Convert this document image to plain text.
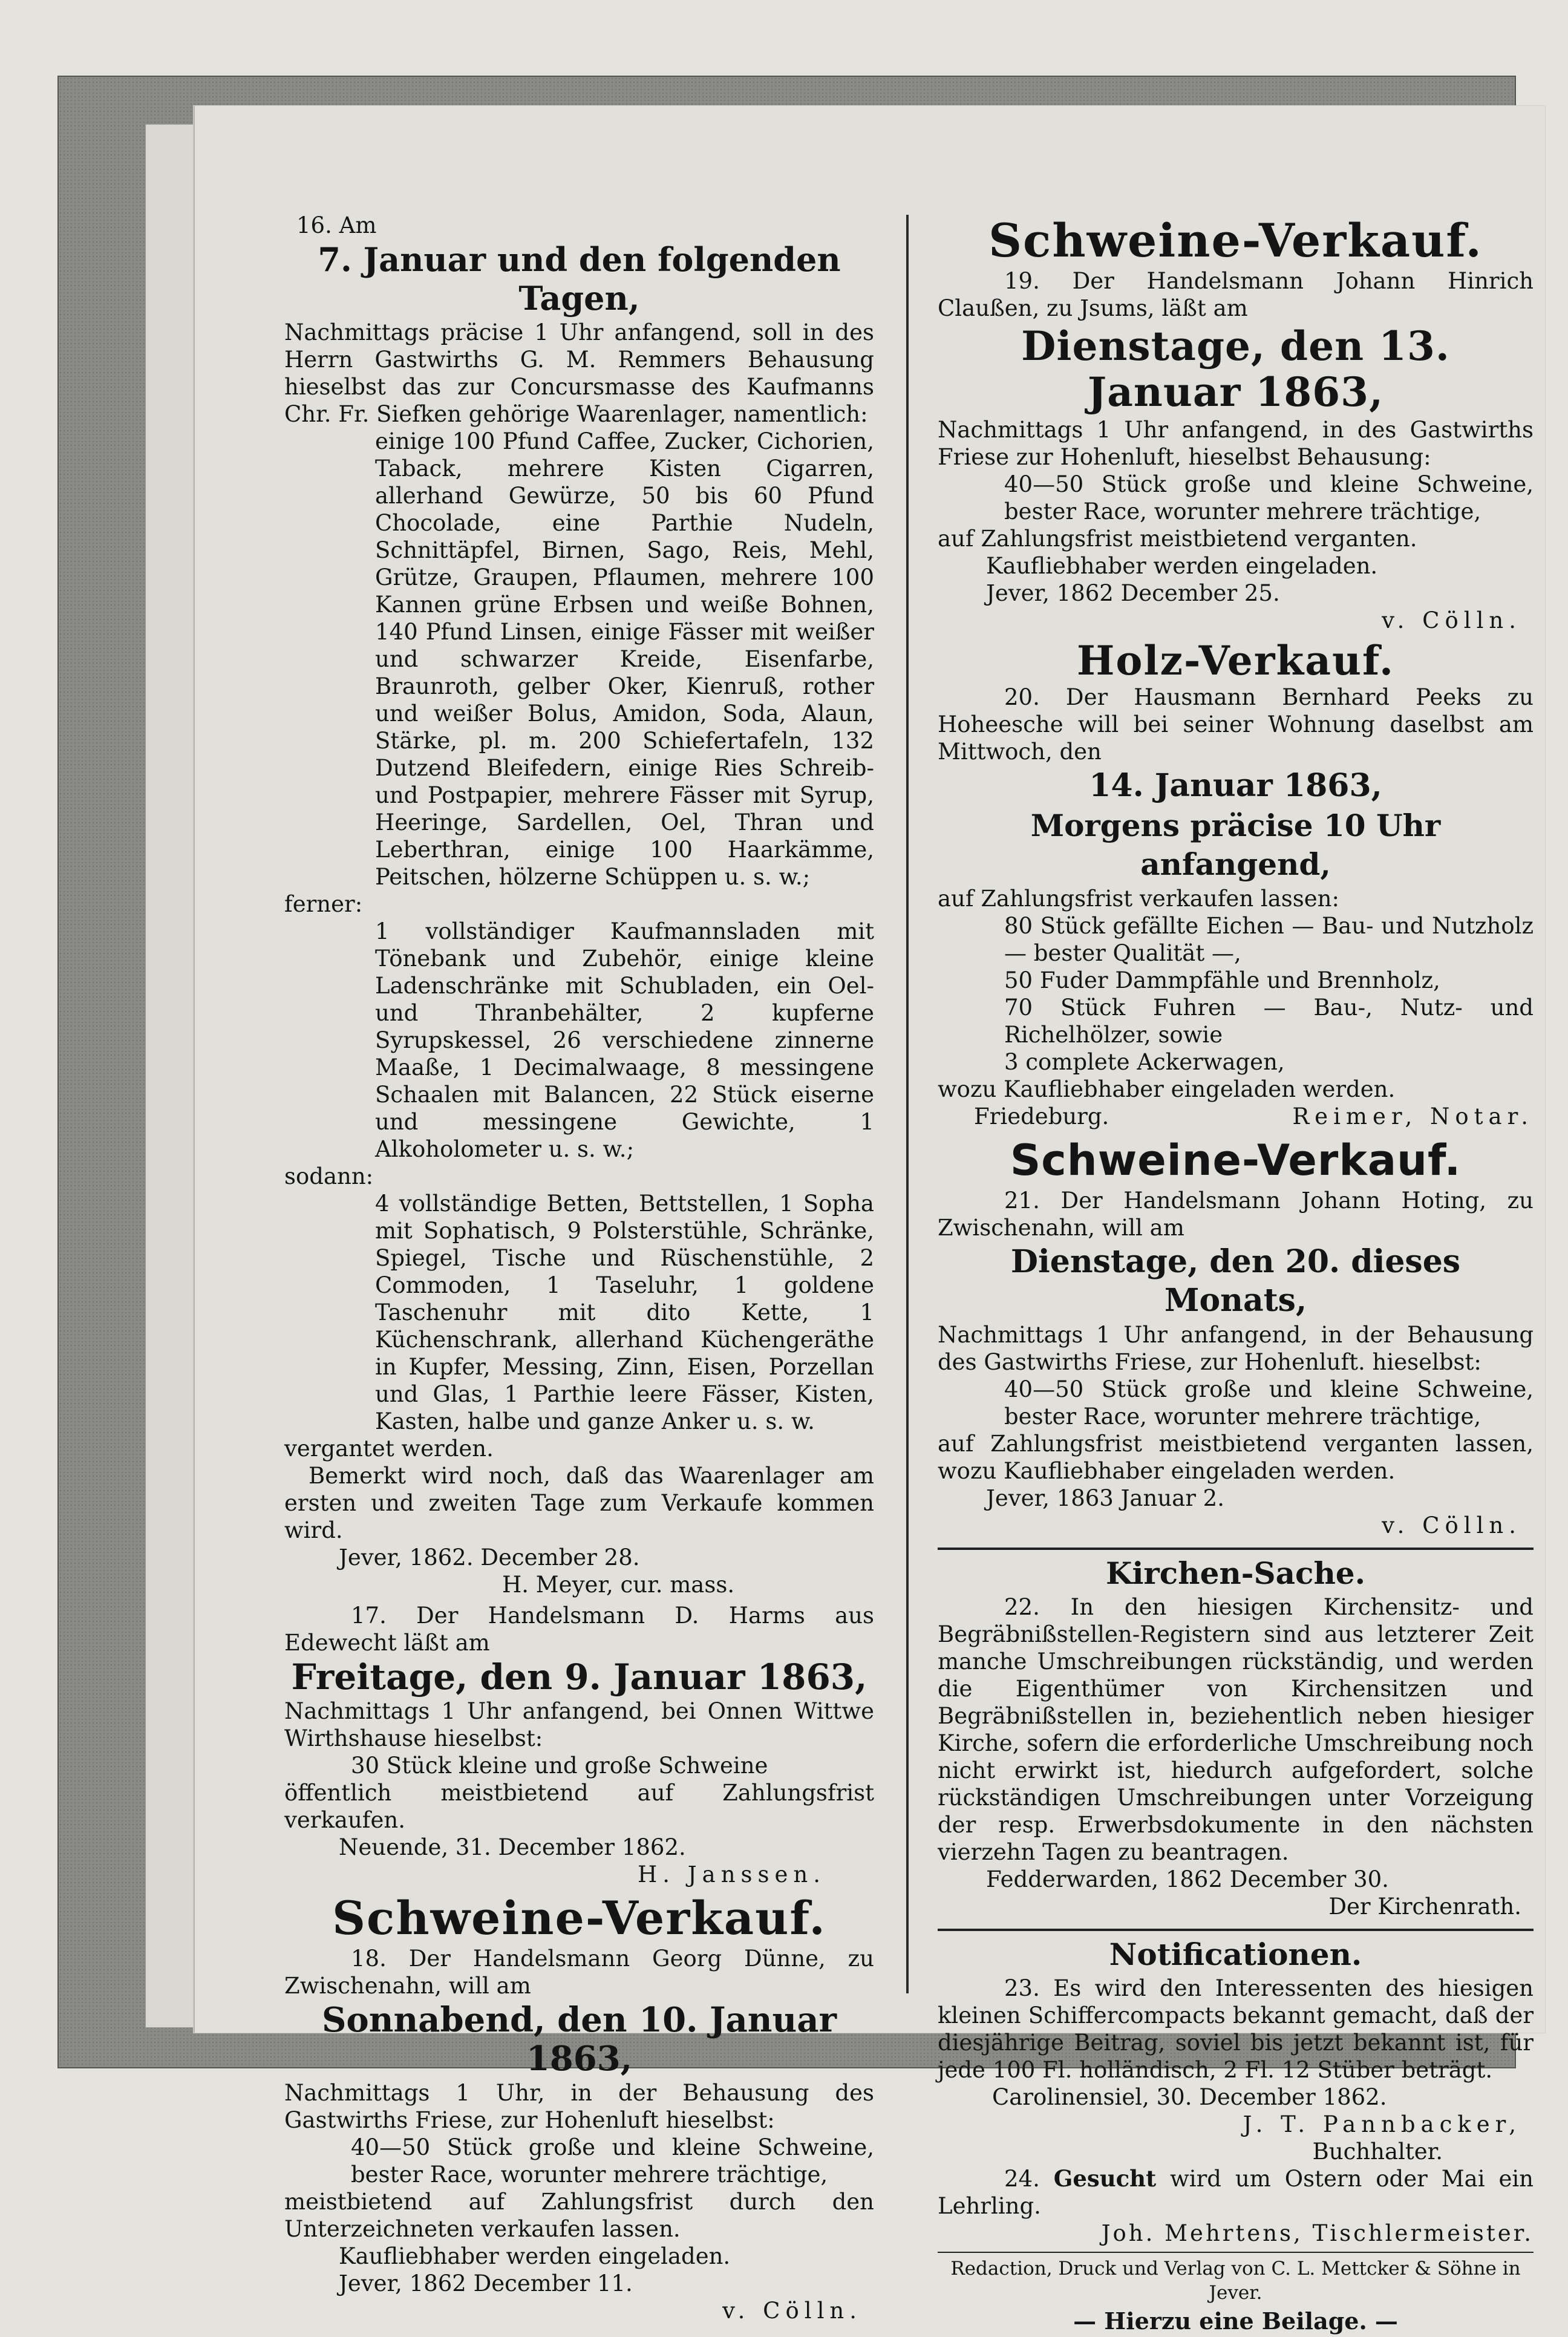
16. Am

7. Januar und den folgenden Tagen,

Nachmittags präcise 1 Uhr anfangend, soll in des Herrn Gastwirths G. M. Remmers Behausung hieselbst das zur Concursmasse des Kaufmanns Chr. Fr. Siefken gehörige Waarenlager, namentlich:

einige 100 Pfund Caffee, Zucker, Cichorien, Taback, mehrere Kisten Cigarren, allerhand Gewürze, 50 bis 60 Pfund Chocolade, eine Parthie Nudeln, Schnittäpfel, Birnen, Sago, Reis, Mehl, Grütze, Graupen, Pflaumen, mehrere 100 Kannen grüne Erbsen und weiße Bohnen, 140 Pfund Linsen, einige Fässer mit weißer und schwarzer Kreide, Eisenfarbe, Braunroth, gelber Oker, Kienruß, rother und weißer Bolus, Amidon, Soda, Alaun, Stärke, pl. m. 200 Schiefertafeln, 132 Dutzend Bleifedern, einige Ries Schreib- und Postpapier, mehrere Fässer mit Syrup, Heeringe, Sardellen, Oel, Thran und Leberthran, einige 100 Haarkämme, Peitschen, hölzerne Schüppen u. s. w.;

ferner:

1 vollständiger Kaufmannsladen mit Tönebank und Zubehör, einige kleine Ladenschränke mit Schubladen, ein Oel- und Thranbehälter, 2 kupferne Syrupskessel, 26 verschiedene zinnerne Maaße, 1 Decimalwaage, 8 messingene Schaalen mit Balancen, 22 Stück eiserne und messingene Gewichte, 1 Alkoholometer u. s. w.;

sodann:

4 vollständige Betten, Bettstellen, 1 Sopha mit Sophatisch, 9 Polsterstühle, Schränke, Spiegel, Tische und Rüschenstühle, 2 Commoden, 1 Taseluhr, 1 goldene Taschenuhr mit dito Kette, 1 Küchenschrank, allerhand Küchengeräthe in Kupfer, Messing, Zinn, Eisen, Porzellan und Glas, 1 Parthie leere Fässer, Kisten, Kasten, halbe und ganze Anker u. s. w.

vergantet werden.

Bemerkt wird noch, daß das Waarenlager am ersten und zweiten Tage zum Verkaufe kommen wird.

Jever, 1862. December 28.

H. Meyer, cur. mass.

17. Der Handelsmann D. Harms aus Edewecht läßt am

Freitage, den 9. Januar 1863,

Nachmittags 1 Uhr anfangend, bei Onnen Wittwe Wirthshause hieselbst:

30 Stück kleine und große Schweine

öffentlich meistbietend auf Zahlungsfrist verkaufen.

Neuende, 31. December 1862.

H. Janssen.

Schweine-Verkauf.

18. Der Handelsmann Georg Dünne, zu Zwischenahn, will am

Sonnabend, den 10. Januar 1863,

Nachmittags 1 Uhr, in der Behausung des Gastwirths Friese, zur Hohenluft hieselbst:

40—50 Stück große und kleine Schweine, bester Race, worunter mehrere trächtige,

meistbietend auf Zahlungsfrist durch den Unterzeichneten verkaufen lassen.

Kaufliebhaber werden eingeladen.

Jever, 1862 December 11.

v. Cölln.

Schweine-Verkauf.

19. Der Handelsmann Johann Hinrich Claußen, zu Jsums, läßt am

Dienstage, den 13. Januar 1863,

Nachmittags 1 Uhr anfangend, in des Gastwirths Friese zur Hohenluft, hieselbst Behausung:

40—50 Stück große und kleine Schweine, bester Race, worunter mehrere trächtige,

auf Zahlungsfrist meistbietend verganten.

Kaufliebhaber werden eingeladen.

Jever, 1862 December 25.

v. Cölln.

Holz-Verkauf.

20. Der Hausmann Bernhard Peeks zu Hoheesche will bei seiner Wohnung daselbst am Mittwoch, den

14. Januar 1863,

Morgens präcise 10 Uhr anfangend,

auf Zahlungsfrist verkaufen lassen:

80 Stück gefällte Eichen — Bau- und Nutzholz — bester Qualität —,

50 Fuder Dammpfähle und Brennholz,

70 Stück Fuhren — Bau-, Nutz- und Richelhölzer, sowie

3 complete Ackerwagen,

wozu Kaufliebhaber eingeladen werden.

Friedeburg.	Reimer, Notar.

Schweine-Verkauf.

21. Der Handelsmann Johann Hoting, zu Zwischenahn, will am

Dienstage, den 20. dieses Monats,

Nachmittags 1 Uhr anfangend, in der Behausung des Gastwirths Friese, zur Hohenluft. hieselbst:

40—50 Stück große und kleine Schweine, bester Race, worunter mehrere trächtige,

auf Zahlungsfrist meistbietend verganten lassen, wozu Kaufliebhaber eingeladen werden.

Jever, 1863 Januar 2.

v. Cölln.

Kirchen-Sache.

22. In den hiesigen Kirchensitz- und Begräbnißstellen-Registern sind aus letzterer Zeit manche Umschreibungen rückständig, und werden die Eigenthümer von Kirchensitzen und Begräbnißstellen in, beziehentlich neben hiesiger Kirche, sofern die erforderliche Umschreibung noch nicht erwirkt ist, hiedurch aufgefordert, solche rückständigen Umschreibungen unter Vorzeigung der resp. Erwerbsdokumente in den nächsten vierzehn Tagen zu beantragen.

Fedderwarden, 1862 December 30.

Der Kirchenrath.

Notificationen.

23. Es wird den Interessenten des hiesigen kleinen Schiffercompacts bekannt gemacht, daß der diesjährige Beitrag, soviel bis jetzt bekannt ist, für jede 100 Fl. holländisch, 2 Fl. 12 Stüber beträgt.

Carolinensiel, 30. December 1862.

J. T. Pannbacker,

Buchhalter.

24. Gesucht wird um Ostern oder Mai ein Lehrling.

Joh. Mehrtens, Tischlermeister.

Redaction, Druck und Verlag von C. L. Mettcker & Söhne in Jever.

— Hierzu eine Beilage. —
